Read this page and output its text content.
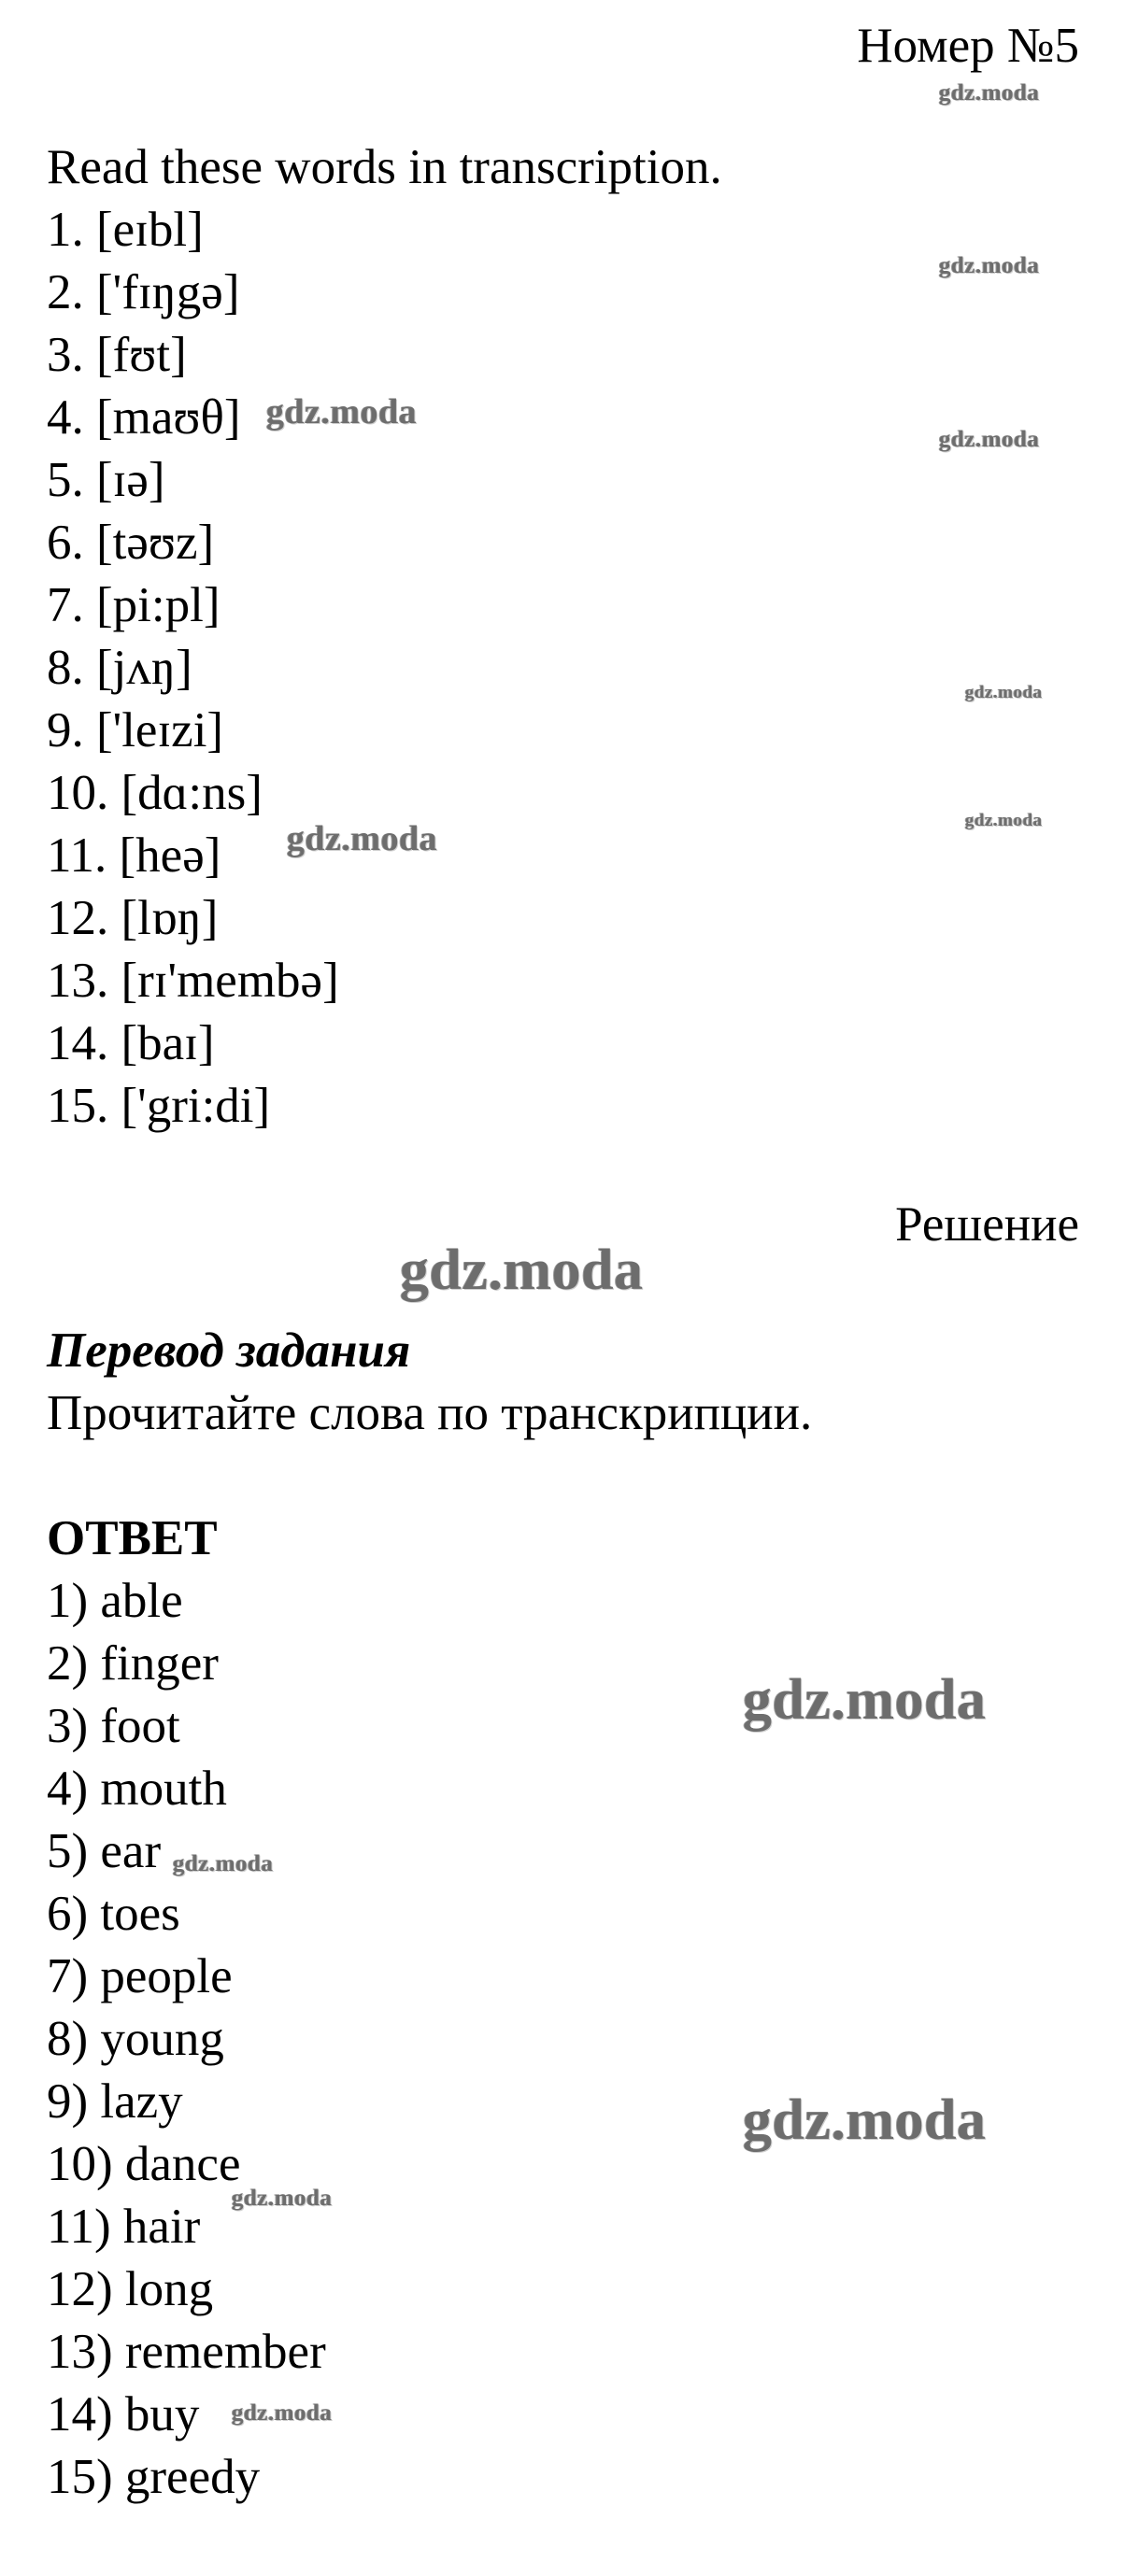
Номер №5
Read these words in transcription.
1. [eɪbl]
2. ['fɪŋgə]
3. [fʊt]
4. [maʊθ]
5. [ɪə]
6. [təʊz]
7. [pi:pl]
8. [jʌŋ]
9. ['leɪzi]
10. [dɑ:ns]
11. [heə]
12. [lɒŋ]
13. [rɪ'membə]
14. [baɪ]
15. ['gri:di]
Решение
Перевод задания
Прочитайте слова по транскрипции.
ОТВЕТ
1) able
2) finger
3) foot
4) mouth
5) ear
6) toes
7) people
8) young
9) lazy
10) dance
11) hair
12) long
13) remember
14) buy
15) greedy
gdz.moda
gdz.moda
gdz.moda
gdz.moda
gdz.moda
gdz.moda
gdz.moda
gdz.moda
gdz.moda
gdz.moda
gdz.moda
gdz.moda
gdz.moda
